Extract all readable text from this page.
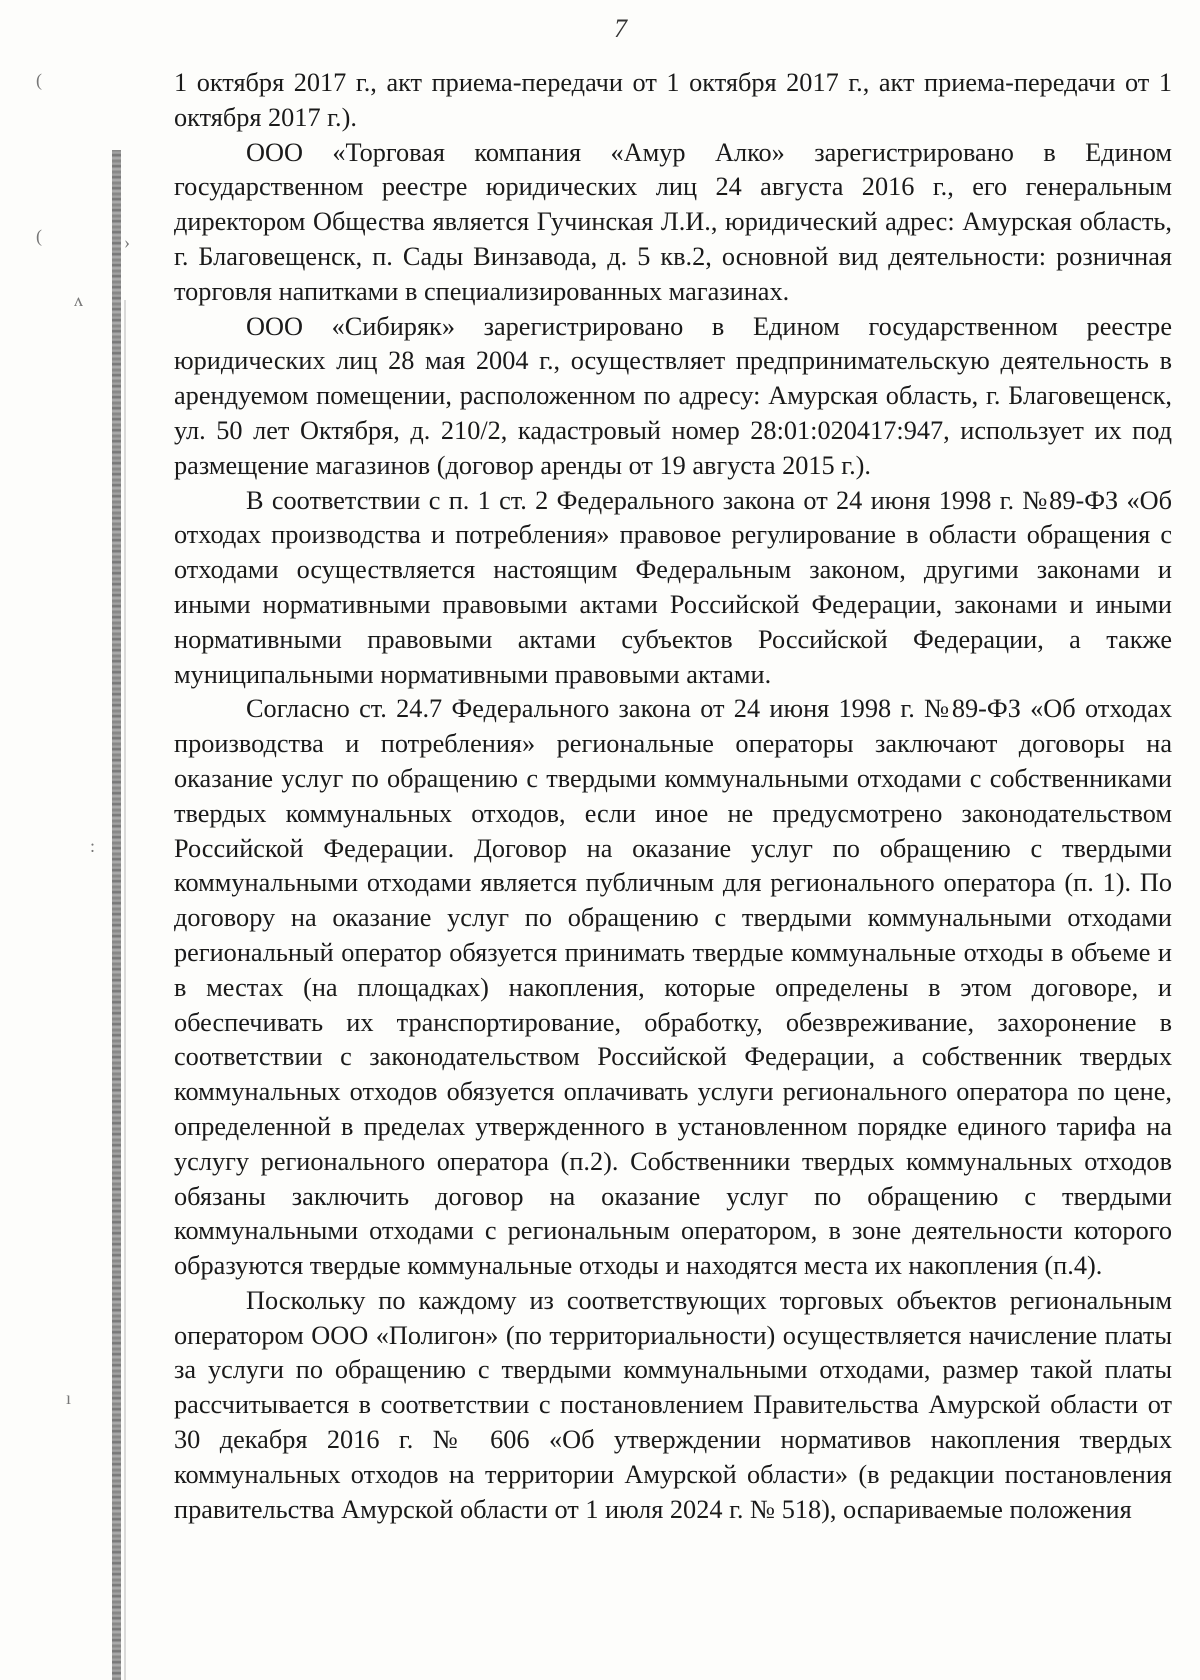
(
(	›
ʌ
:
ı
7

1 октября 2017 г., акт приема-передачи от 1 октября 2017 г., акт приема-передачи от 1 октября 2017 г.).

ООО «Торговая компания «Амур Алко» зарегистрировано в Едином государственном реестре юридических лиц 24 августа 2016 г., его генеральным директором Общества является Гучинская Л.И., юридический адрес: Амурская область, г. Благовещенск, п. Сады Винзавода, д. 5 кв.2, основной вид деятельности: розничная торговля напитками в специализированных магазинах.

ООО «Сибиряк» зарегистрировано в Едином государственном реестре юридических лиц 28 мая 2004 г., осуществляет предпринимательскую деятельность в арендуемом помещении, расположенном по адресу: Амурская область, г. Благовещенск, ул. 50 лет Октября, д. 210/2, кадастровый номер 28:01:020417:947, использует их под размещение магазинов (договор аренды от 19 августа 2015 г.).

В соответствии с п. 1 ст. 2 Федерального закона от 24 июня 1998 г. №89-ФЗ «Об отходах производства и потребления» правовое регулирование в области обращения с отходами осуществляется настоящим Федеральным законом, другими законами и иными нормативными правовыми актами Российской Федерации, законами и иными нормативными правовыми актами субъектов Российской Федерации, а также муниципальными нормативными правовыми актами.

Согласно ст. 24.7 Федерального закона от 24 июня 1998 г. №89-ФЗ «Об отходах производства и потребления» региональные операторы заключают договоры на оказание услуг по обращению с твердыми коммунальными отходами с собственниками твердых коммунальных отходов, если иное не предусмотрено законодательством Российской Федерации. Договор на оказание услуг по обращению с твердыми коммунальными отходами является публичным для регионального оператора (п. 1). По договору на оказание услуг по обращению с твердыми коммунальными отходами региональный оператор обязуется принимать твердые коммунальные отходы в объеме и в местах (на площадках) накопления, которые определены в этом договоре, и обеспечивать их транспортирование, обработку, обезвреживание, захоронение в соответствии с законодательством Российской Федерации, а собственник твердых коммунальных отходов обязуется оплачивать услуги регионального оператора по цене, определенной в пределах утвержденного в установленном порядке единого тарифа на услугу регионального оператора (п.2). Собственники твердых коммунальных отходов обязаны заключить договор на оказание услуг по обращению с твердыми коммунальными отходами с региональным оператором, в зоне деятельности которого образуются твердые коммунальные отходы и находятся места их накопления (п.4).

Поскольку по каждому из соответствующих торговых объектов региональным оператором ООО «Полигон» (по территориальности) осуществляется начисление платы за услуги по обращению с твердыми коммунальными отходами, размер такой платы рассчитывается в соответствии с постановлением Правительства Амурской области от 30 декабря 2016 г. № 606 «Об утверждении нормативов накопления твердых коммунальных отходов на территории Амурской области» (в редакции постановления правительства Амурской области от 1 июля 2024 г. № 518), оспариваемые положения
